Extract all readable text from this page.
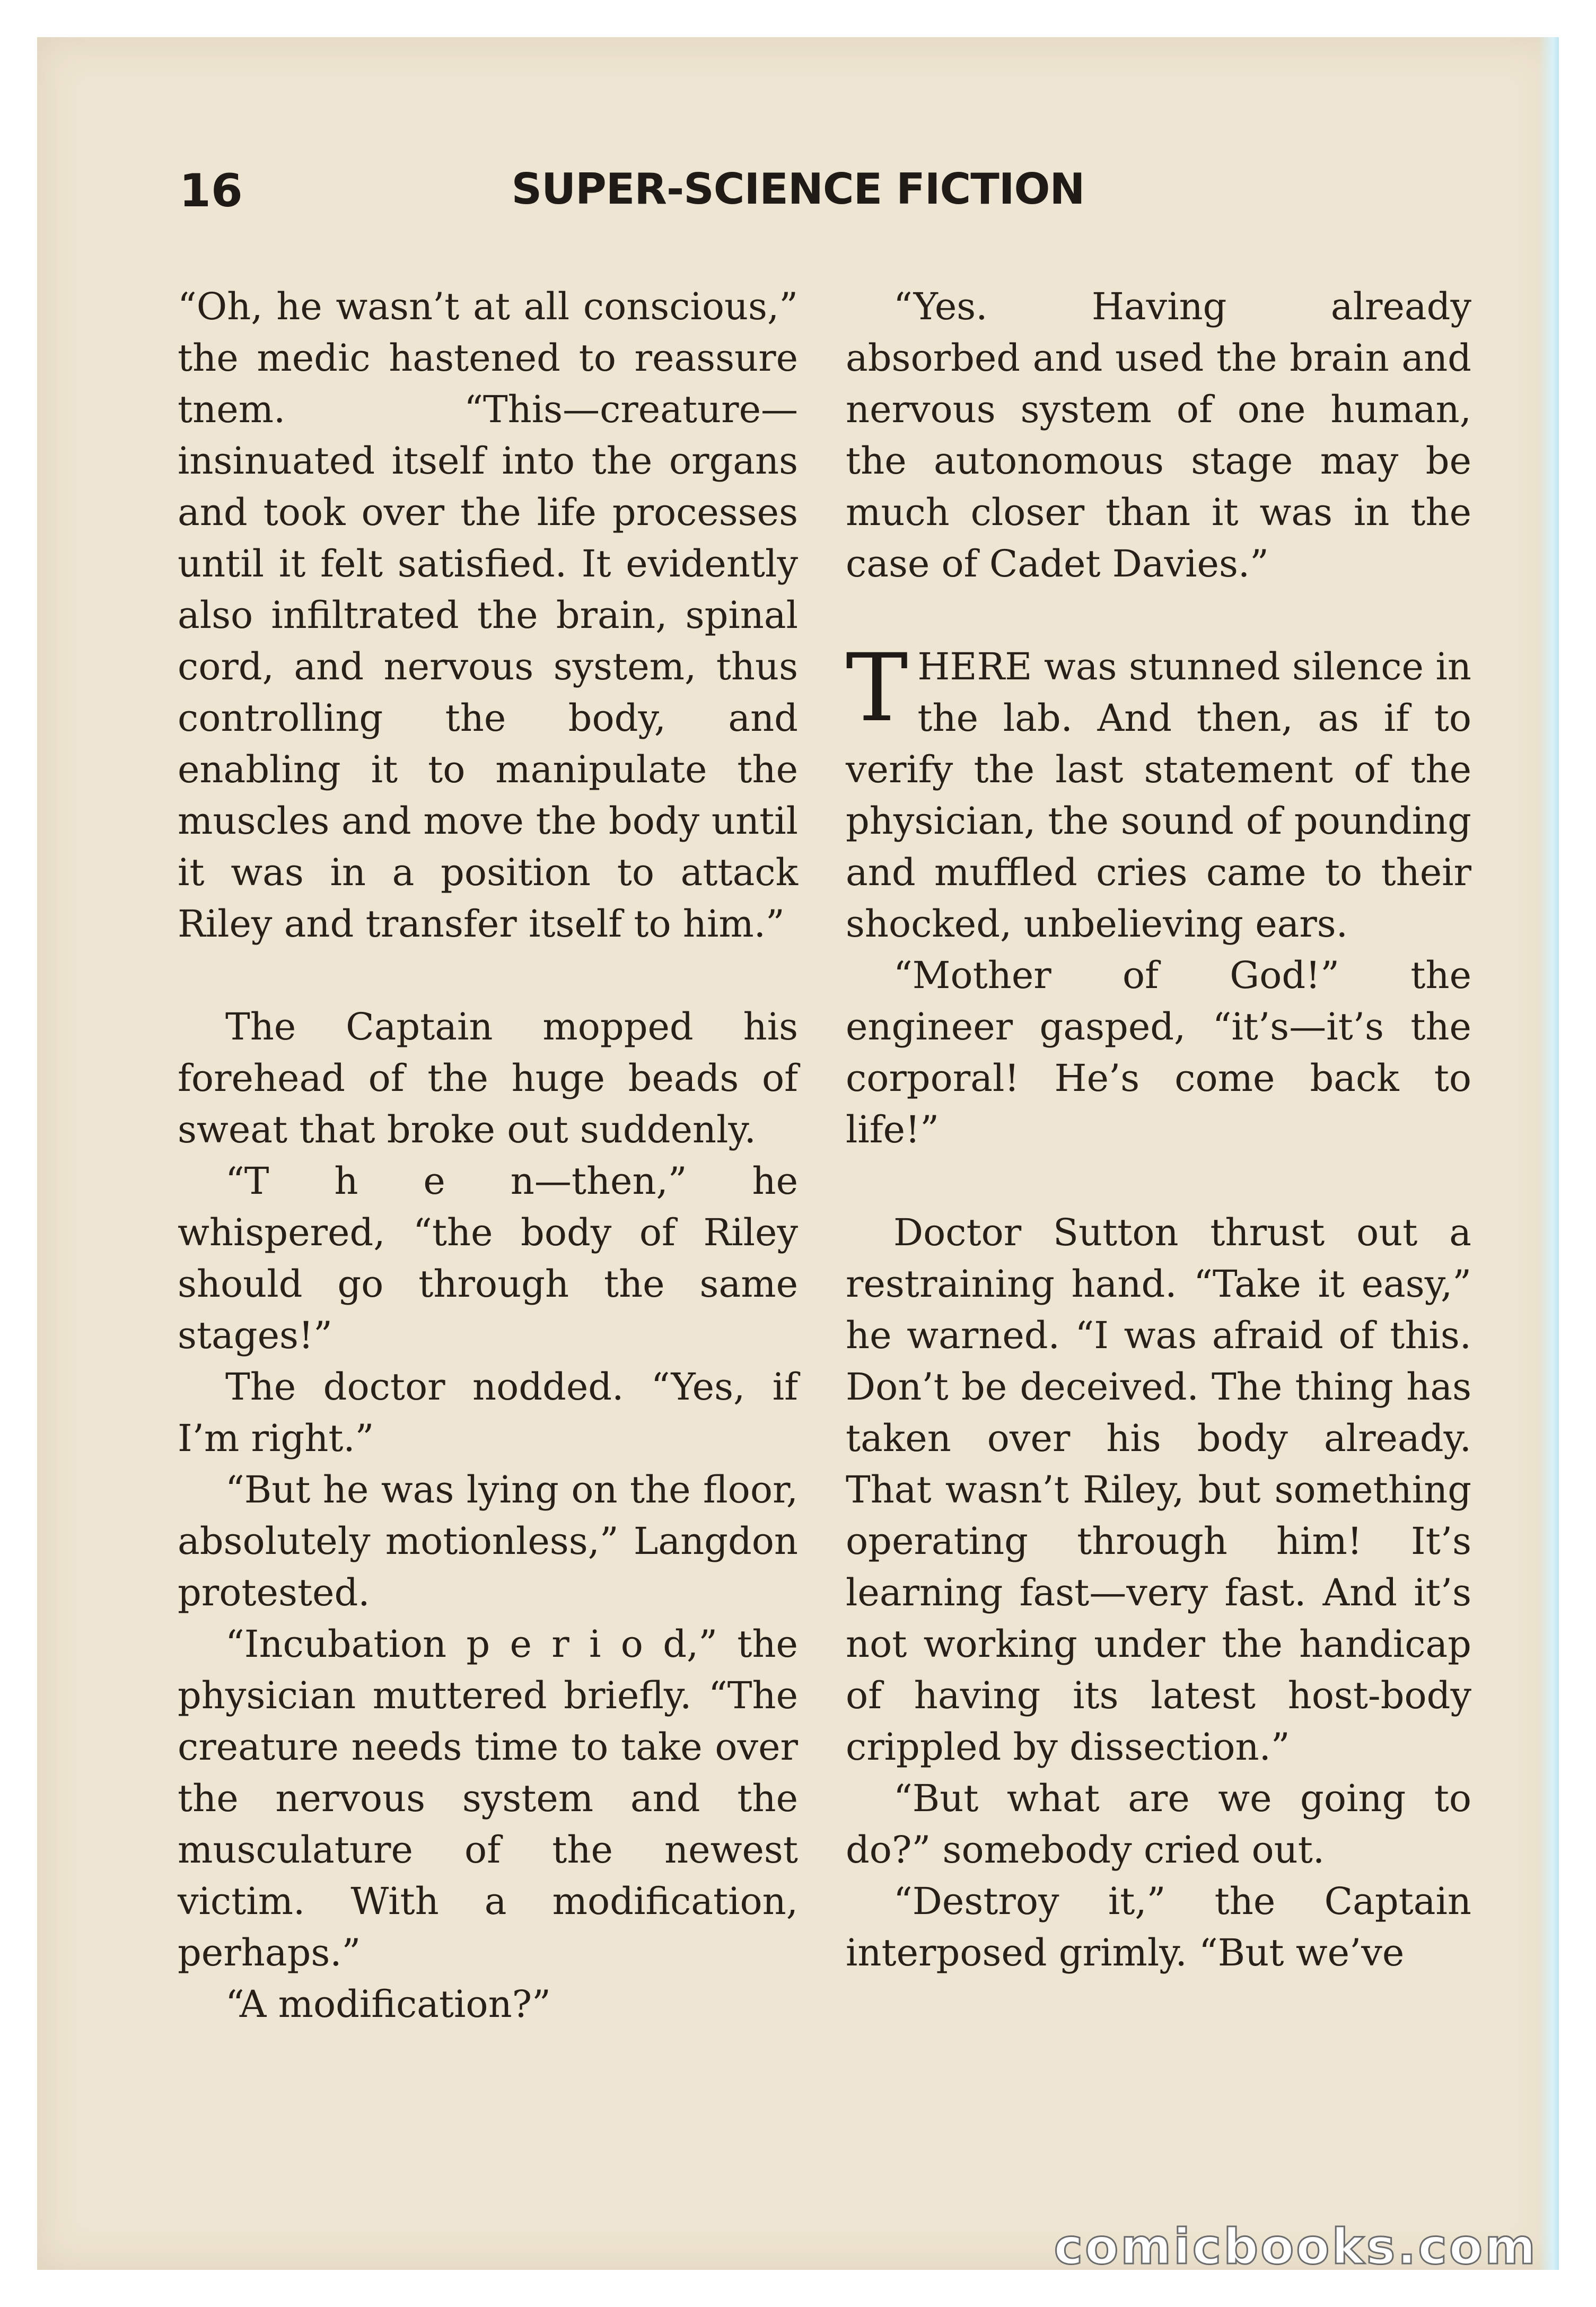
16	SUPER-SCIENCE FICTION

“Oh, he wasn’t at all conscious,” the medic hastened to reassure tnem. “This—creature—insinuated itself into the organs and took over the life processes until it felt satisfied. It evidently also infiltrated the brain, spinal cord, and nervous system, thus controlling the body, and enabling it to manipulate the muscles and move the body until it was in a position to attack Riley and transfer itself to him.”

The Captain mopped his forehead of the huge beads of sweat that broke out suddenly.

“T h e n—then,” he whispered, “the body of Riley should go through the same stages!”

The doctor nodded. “Yes, if I’m right.”

“But he was lying on the floor, absolutely motionless,” Langdon protested.

“Incubation p e r i o d,” the physician muttered briefly. “The creature needs time to take over the nervous system and the musculature of the newest victim. With a modification, perhaps.”

“A modification?”

“Yes. Having already absorbed and used the brain and nervous system of one human, the autonomous stage may be much closer than it was in the case of Cadet Davies.”

THERE was stunned silence in the lab. And then, as if to verify the last statement of the physician, the sound of pounding and muffled cries came to their shocked, unbelieving ears.

“Mother of God!” the engineer gasped, “it’s—it’s the corporal! He’s come back to life!”

Doctor Sutton thrust out a restraining hand. “Take it easy,” he warned. “I was afraid of this. Don’t be deceived. The thing has taken over his body already. That wasn’t Riley, but something operating through him! It’s learning fast—very fast. And it’s not working under the handicap of having its latest host-body crippled by dissection.”

“But what are we going to do?” somebody cried out.

“Destroy it,” the Captain interposed grimly. “But we’ve

comicbooks.com
